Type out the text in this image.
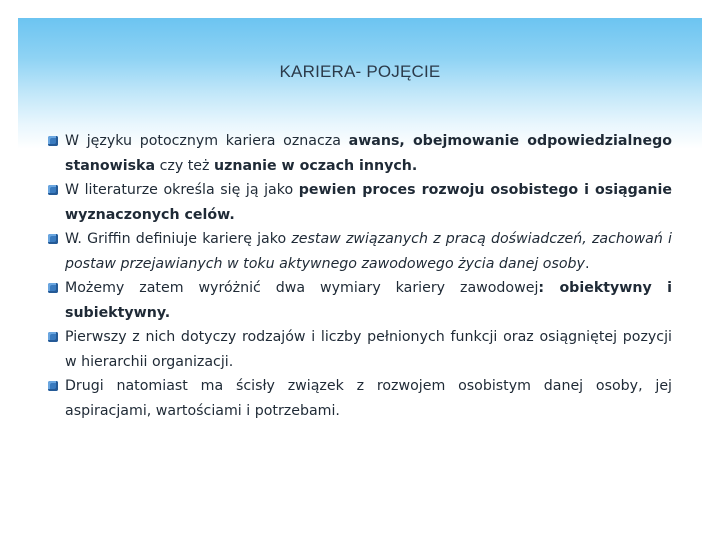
KARIERA- POJĘCIE
W języku potocznym kariera oznacza awans, obejmowanie odpowiedzialnego stanowiska czy też uznanie w oczach innych.
W literaturze określa się ją jako pewien proces rozwoju osobistego i osiąganie wyznaczonych celów.
W. Griffin definiuje karierę jako zestaw związanych z pracą doświadczeń, zachowań i postaw przejawianych w toku aktywnego zawodowego życia danej osoby.
Możemy zatem wyróżnić dwa wymiary kariery zawodowej: obiektywny i subiektywny.
Pierwszy z nich dotyczy rodzajów i liczby pełnionych funkcji oraz osiągniętej pozycji w hierarchii organizacji.
Drugi natomiast ma ścisły związek z rozwojem osobistym danej osoby, jej aspiracjami, wartościami i potrzebami.
